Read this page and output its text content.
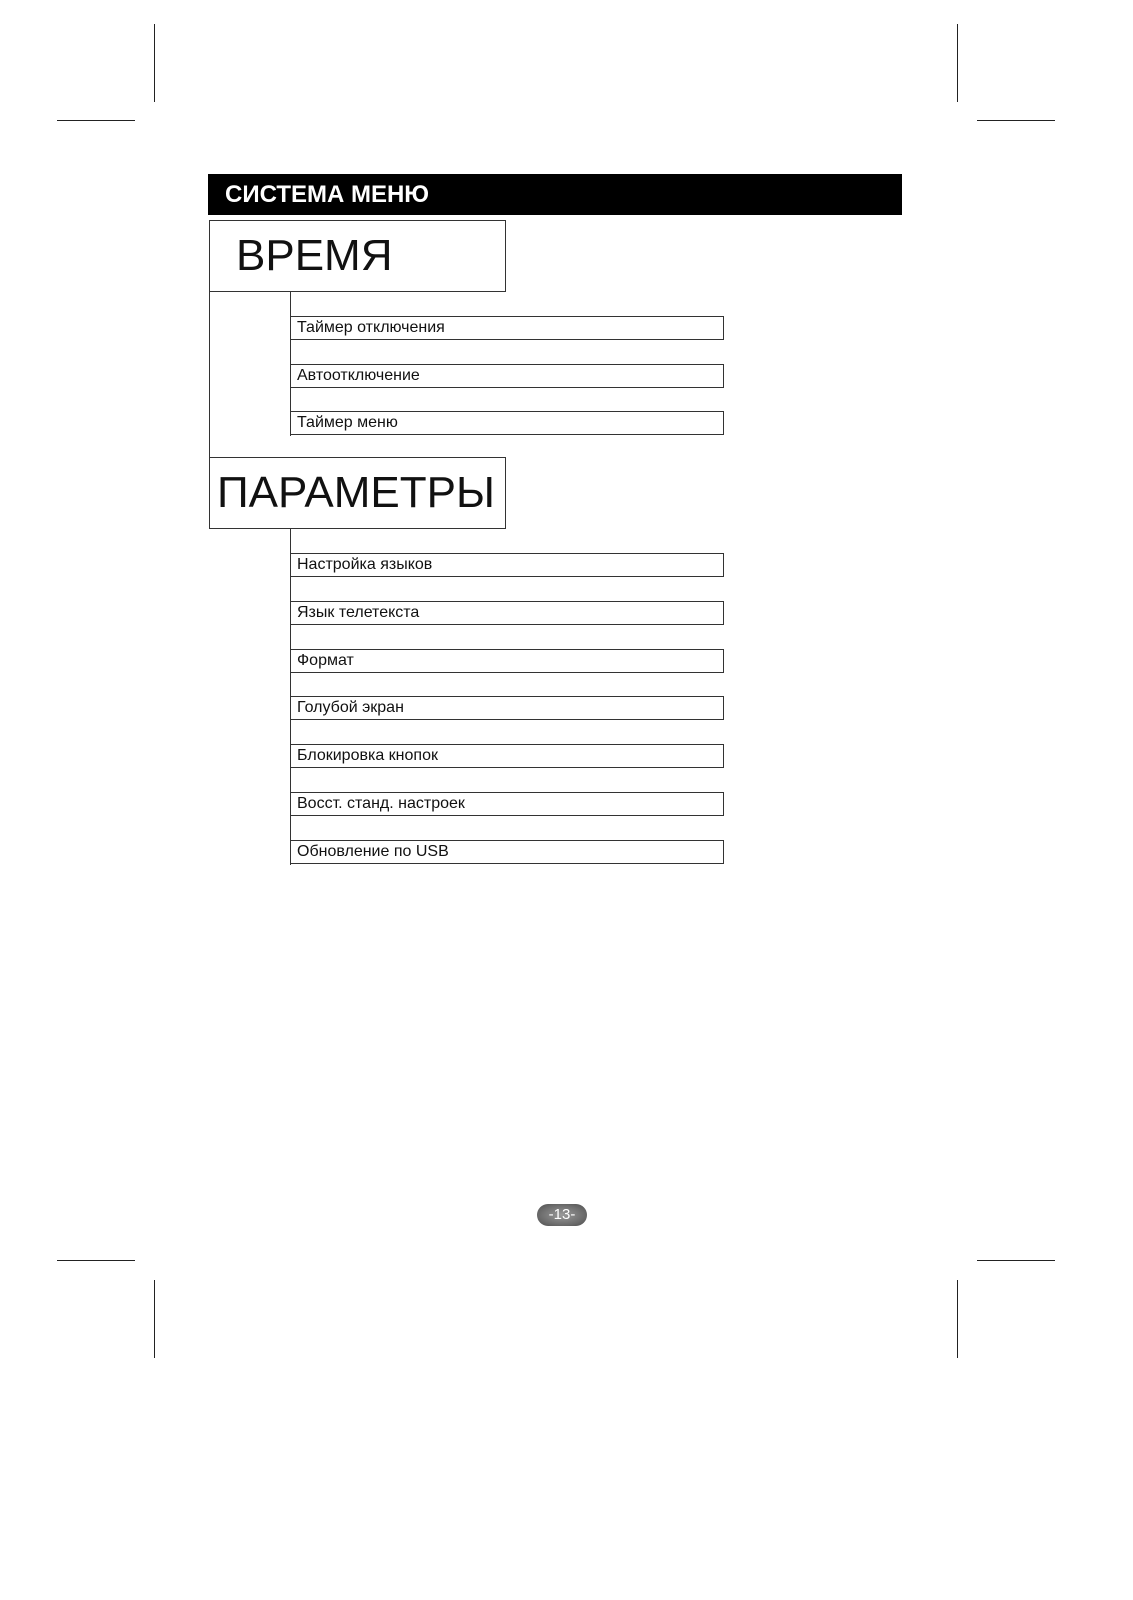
СИСТЕМА МЕНЮ
ВРЕМЯ
Таймер отключения
Автоотключение
Таймер меню
ПАРАМЕТРЫ
Настройка языков
Язык телетекста
Формат
Голубой экран
Блокировка кнопок
Восст. станд. настроек
Обновление по USB
-13-
